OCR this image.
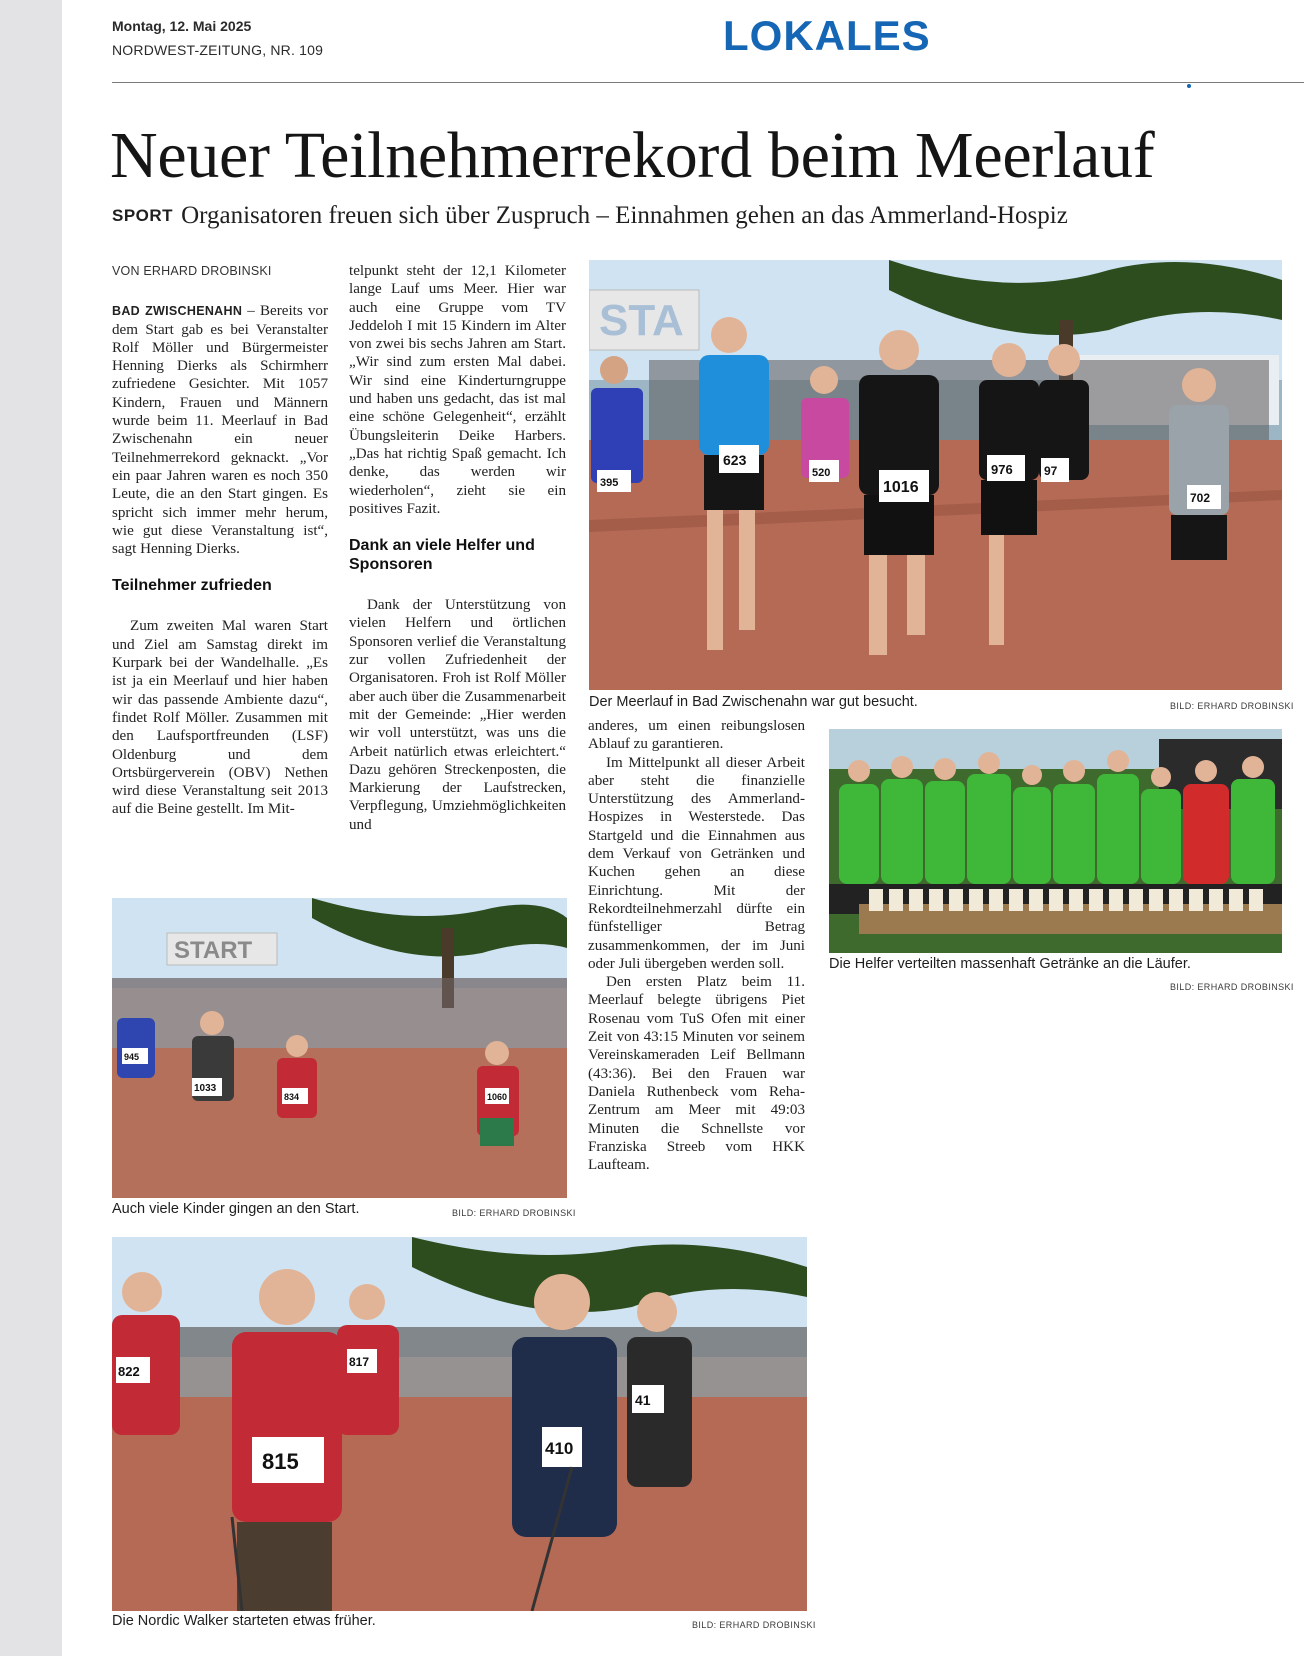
Montag, 12. Mai 2025
NORDWEST-ZEITUNG, NR. 109	LOKALES
Neuer Teilnehmerrekord beim Meerlauf
SPORT Organisatoren freuen sich über Zuspruch – Einnahmen gehen an das Ammerland-Hospiz
VON ERHARD DROBINSKI

BAD ZWISCHENAHN – Bereits vor dem Start gab es bei Veranstalter Rolf Möller und Bürgermeister Henning Dierks als Schirmherr zufriedene Gesichter. Mit 1057 Kindern, Frauen und Männern wurde beim 11. Meerlauf in Bad Zwischenahn ein neuer Teilnehmerrekord geknackt. „Vor ein paar Jahren waren es noch 350 Leute, die an den Start gingen. Es spricht sich immer mehr herum, wie gut diese Veranstaltung ist“, sagt Henning Dierks.

Teilnehmer zufrieden

Zum zweiten Mal waren Start und Ziel am Samstag direkt im Kurpark bei der Wandelhalle. „Es ist ja ein Meerlauf und hier haben wir das passende Ambiente dazu“, findet Rolf Möller. Zusammen mit den Laufsportfreunden (LSF) Oldenburg und dem Ortsbürgerverein (OBV) Nethen wird diese Veranstaltung seit 2013 auf die Beine gestellt. Im Mit-

telpunkt steht der 12,1 Kilometer lange Lauf ums Meer. Hier war auch eine Gruppe vom TV Jeddeloh I mit 15 Kindern im Alter von zwei bis sechs Jahren am Start. „Wir sind zum ersten Mal dabei. Wir sind eine Kinderturngruppe und haben uns gedacht, das ist mal eine schöne Gelegenheit“, erzählt Übungsleiterin Deike Harbers. „Das hat richtig Spaß gemacht. Ich denke, das werden wir wiederholen“, zieht sie ein positives Fazit.

Dank an viele Helfer und Sponsoren

Dank der Unterstützung von vielen Helfern und örtlichen Sponsoren verlief die Veranstaltung zur vollen Zufriedenheit der Organisatoren. Froh ist Rolf Möller aber auch über die Zusammenarbeit mit der Gemeinde: „Hier werden wir voll unterstützt, was uns die Arbeit natürlich etwas erleichtert.“ Dazu gehören Streckenposten, die Markierung der Laufstrecken, Verpflegung, Umziehmöglichkeiten und

anderes, um einen reibungslosen Ablauf zu garantieren.

Im Mittelpunkt all dieser Arbeit aber steht die finanzielle Unterstützung des Ammerland-Hospizes in Westerstede. Das Startgeld und die Einnahmen aus dem Verkauf von Getränken und Kuchen gehen an diese Einrichtung. Mit der Rekordteilnehmerzahl dürfte ein fünfstelliger Betrag zusammenkommen, der im Juni oder Juli übergeben werden soll.

Den ersten Platz beim 11. Meerlauf belegte übrigens Piet Rosenau vom TuS Ofen mit einer Zeit von 43:15 Minuten vor seinem Vereinskameraden Leif Bellmann (43:36). Bei den Frauen war Daniela Ruthenbeck vom Reha-Zentrum am Meer mit 49:03 Minuten die Schnellste vor Franziska Streeb vom HKK Laufteam.

STA
623
1016
976	97
702
395
520
Der Meerlauf in Bad Zwischenahn war gut besucht.	BILD: ERHARD DROBINSKI
Die Helfer verteilten massenhaft Getränke an die Läufer.
BILD: ERHARD DROBINSKI
START
945
1033
834	1060
Auch viele Kinder gingen an den Start.	BILD: ERHARD DROBINSKI
815
822
817
410
41
Die Nordic Walker starteten etwas früher.	BILD: ERHARD DROBINSKI
